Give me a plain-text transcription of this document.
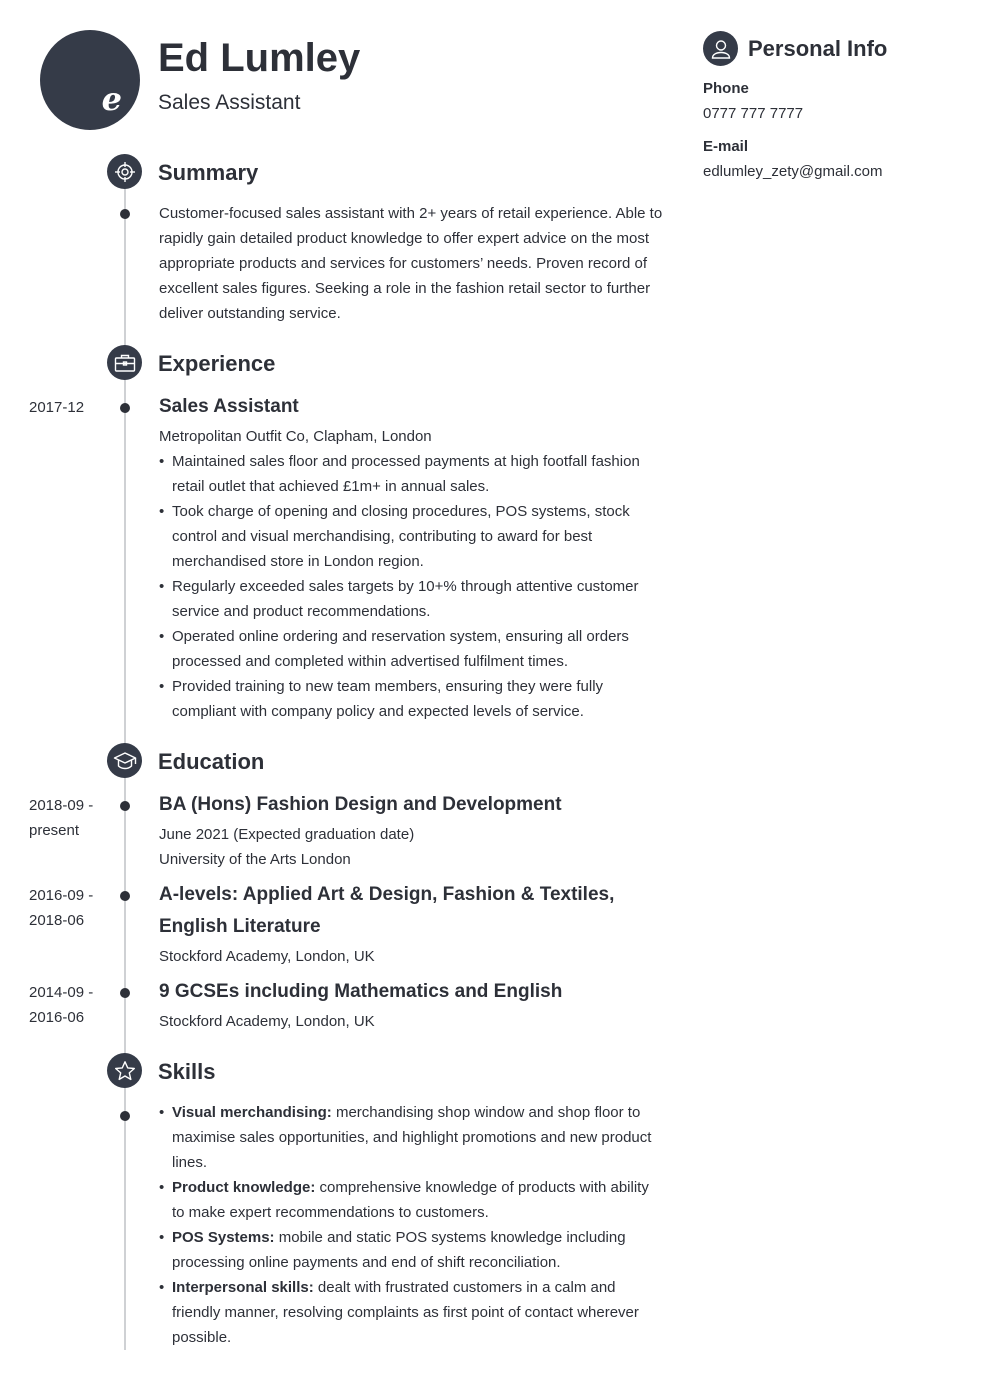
e
Ed Lumley
Sales Assistant
Summary
Customer-focused sales assistant with 2+ years of retail experience. Able to rapidly gain detailed product knowledge to offer expert advice on the most appropriate products and services for customers’ needs. Proven record of excellent sales figures. Seeking a role in the fashion retail sector to further deliver outstanding service.
Experience
2017-12	Sales Assistant
Metropolitan Outfit Co, Clapham, London
• Maintained sales floor and processed payments at high footfall fashion retail outlet that achieved £1m+ in annual sales.
• Took charge of opening and closing procedures, POS systems, stock control and visual merchandising, contributing to award for best merchandised store in London region.
• Regularly exceeded sales targets by 10+% through attentive customer service and product recommendations.
• Operated online ordering and reservation system, ensuring all orders processed and completed within advertised fulfilment times.
• Provided training to new team members, ensuring they were fully compliant with company policy and expected levels of service.
Education
2018-09 -
present
BA (Hons) Fashion Design and Development
June 2021 (Expected graduation date)
University of the Arts London
2016-09 -
2018-06
A-levels: Applied Art & Design, Fashion & Textiles, English Literature
Stockford Academy, London, UK
2014-09 -
2016-06
9 GCSEs including Mathematics and English
Stockford Academy, London, UK
Skills
• Visual merchandising: merchandising shop window and shop floor to maximise sales opportunities, and highlight promotions and new product lines.
• Product knowledge: comprehensive knowledge of products with ability to make expert recommendations to customers.
• POS Systems: mobile and static POS systems knowledge including processing online payments and end of shift reconciliation.
• Interpersonal skills: dealt with frustrated customers in a calm and friendly manner, resolving complaints as first point of contact wherever possible.
Personal Info
Phone
0777 777 7777
E-mail
edlumley_zety@gmail.com
